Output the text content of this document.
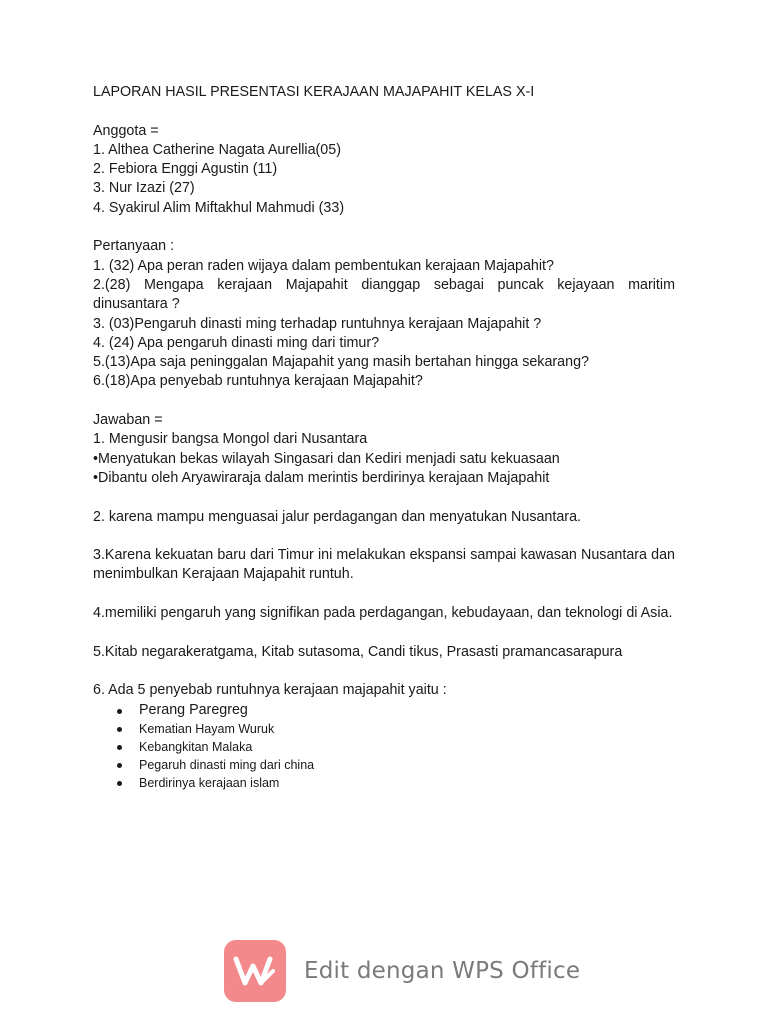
LAPORAN HASIL PRESENTASI KERAJAAN MAJAPAHIT KELAS X-I
Anggota =
1. Althea Catherine Nagata Aurellia(05)
2. Febiora Enggi Agustin (11)
3. Nur Izazi (27)
4. Syakirul Alim Miftakhul Mahmudi (33)
Pertanyaan :
1. (32) Apa peran raden wijaya dalam pembentukan kerajaan Majapahit?
2.(28) Mengapa kerajaan Majapahit dianggap sebagai puncak kejayaan maritim dinusantara ?
3. (03)Pengaruh dinasti ming terhadap runtuhnya kerajaan Majapahit ?
4. (24) Apa pengaruh dinasti ming dari timur?
5.(13)Apa saja peninggalan Majapahit yang masih bertahan hingga sekarang?
6.(18)Apa penyebab runtuhnya kerajaan Majapahit?
Jawaban =
1. Mengusir bangsa Mongol dari Nusantara
•Menyatukan bekas wilayah Singasari dan Kediri menjadi satu kekuasaan
•Dibantu oleh Aryawiraraja dalam merintis berdirinya kerajaan Majapahit
2. karena mampu menguasai jalur perdagangan dan menyatukan Nusantara.
3.Karena kekuatan baru dari Timur ini melakukan ekspansi sampai kawasan Nusantara dan menimbulkan Kerajaan Majapahit runtuh.
4.memiliki pengaruh yang signifikan pada perdagangan, kebudayaan, dan teknologi di Asia.
5.Kitab negarakeratgama, Kitab sutasoma, Candi tikus, Prasasti pramancasarapura
6. Ada 5 penyebab runtuhnya kerajaan majapahit yaitu :
Perang Paregreg
Kematian Hayam Wuruk
Kebangkitan Malaka
Pegaruh dinasti ming dari china
Berdirinya kerajaan islam
Edit dengan WPS Office
